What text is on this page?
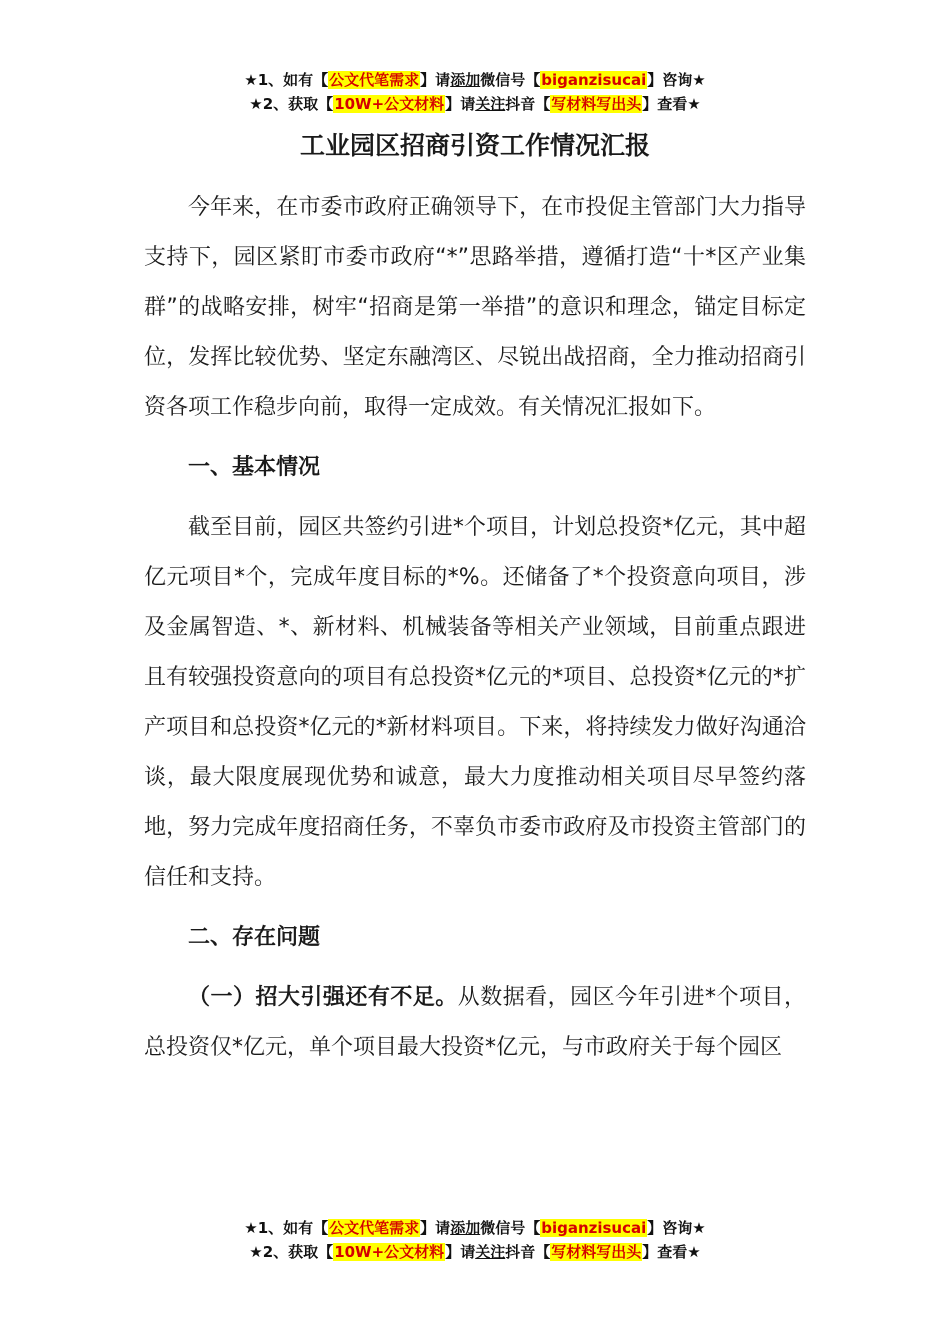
★1、如有【公文代笔需求】请添加微信号【biganzisucai】咨询★
★2、获取【10W+公文材料】请关注抖音【写材料写出头】查看★
工业园区招商引资工作情况汇报

今年来，在市委市政府正确领导下，在市投促主管部门大力指导支持下，园区紧盯市委市政府“*”思路举措，遵循打造“十*区产业集群”的战略安排，树牢“招商是第一举措”的意识和理念，锚定目标定位，发挥比较优势、坚定东融湾区、尽锐出战招商，全力推动招商引资各项工作稳步向前，取得一定成效。有关情况汇报如下。

一、基本情况

截至目前，园区共签约引进*个项目，计划总投资*亿元，其中超亿元项目*个，完成年度目标的*%。还储备了*个投资意向项目，涉及金属智造、*、新材料、机械装备等相关产业领域，目前重点跟进且有较强投资意向的项目有总投资*亿元的*项目、总投资*亿元的*扩产项目和总投资*亿元的*新材料项目。下来，将持续发力做好沟通洽谈，最大限度展现优势和诚意，最大力度推动相关项目尽早签约落地，努力完成年度招商任务，不辜负市委市政府及市投资主管部门的信任和支持。

二、存在问题

（一）招大引强还有不足。从数据看，园区今年引进*个项目，总投资仅*亿元，单个项目最大投资*亿元，与市政府关于每个园区

★1、如有【公文代笔需求】请添加微信号【biganzisucai】咨询★
★2、获取【10W+公文材料】请关注抖音【写材料写出头】查看★
